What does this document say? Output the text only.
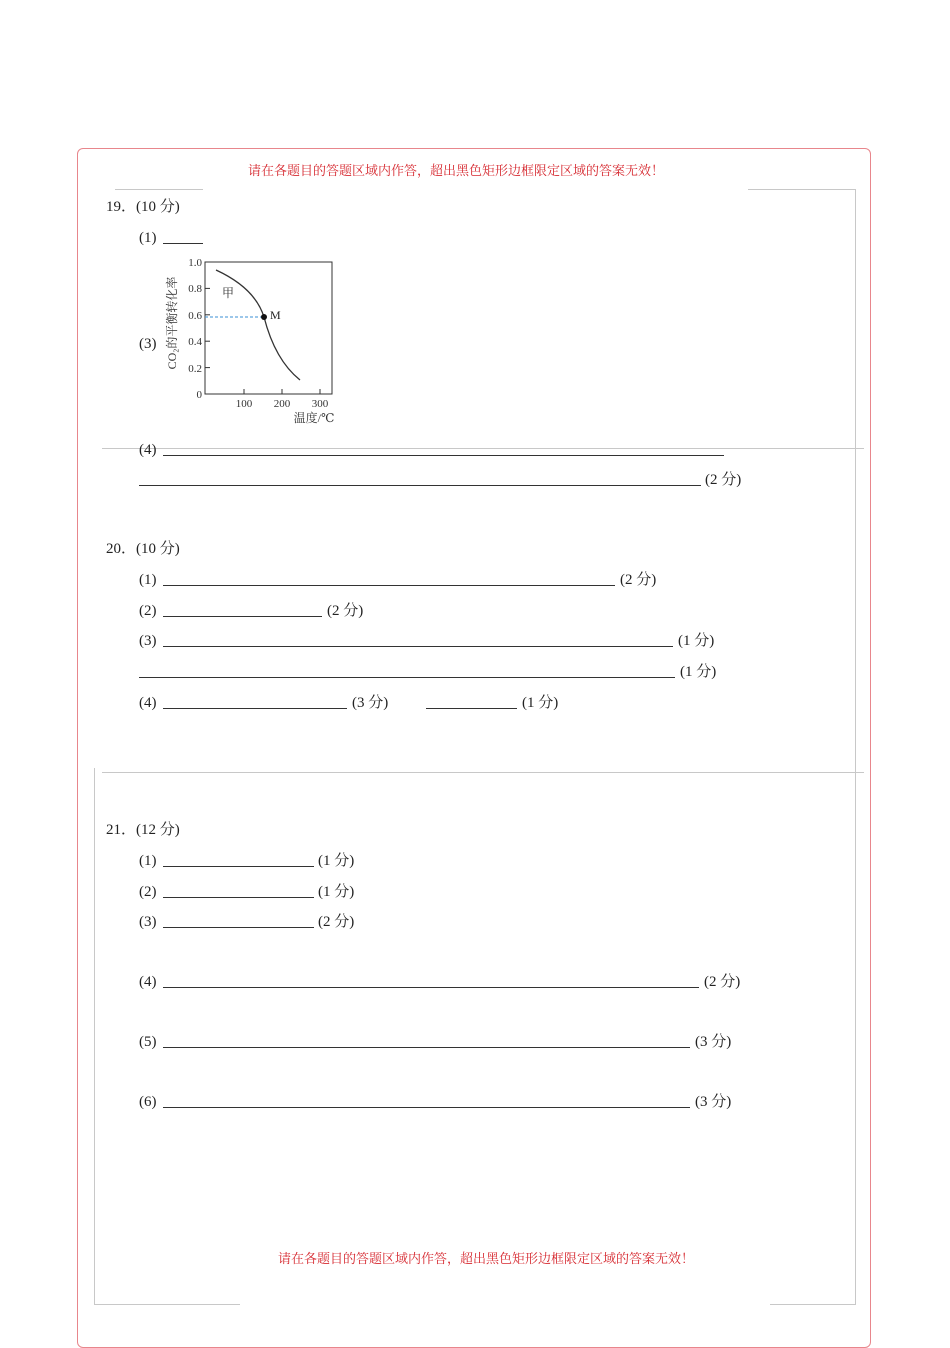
请在各题目的答题区域内作答，超出黑色矩形边框限定区域的答案无效！
19．(10 分)
(1)
(3)
1.0
0.8
0.6
0.4
0.2
0
100 200 300
温度/℃
CO₂的平衡转化率	M
甲
(4)
(2 分)
20．(10 分)
(1)	(2 分)
(2)	(2 分)
(3)	(1 分)
(1 分)
(4)	(3 分)	(1 分)
21．(12 分)
(1)	(1 分)
(2)	(1 分)
(3)	(2 分)
(4)	(2 分)
(5)	(3 分)
(6)	(3 分)
请在各题目的答题区域内作答，超出黑色矩形边框限定区域的答案无效！
